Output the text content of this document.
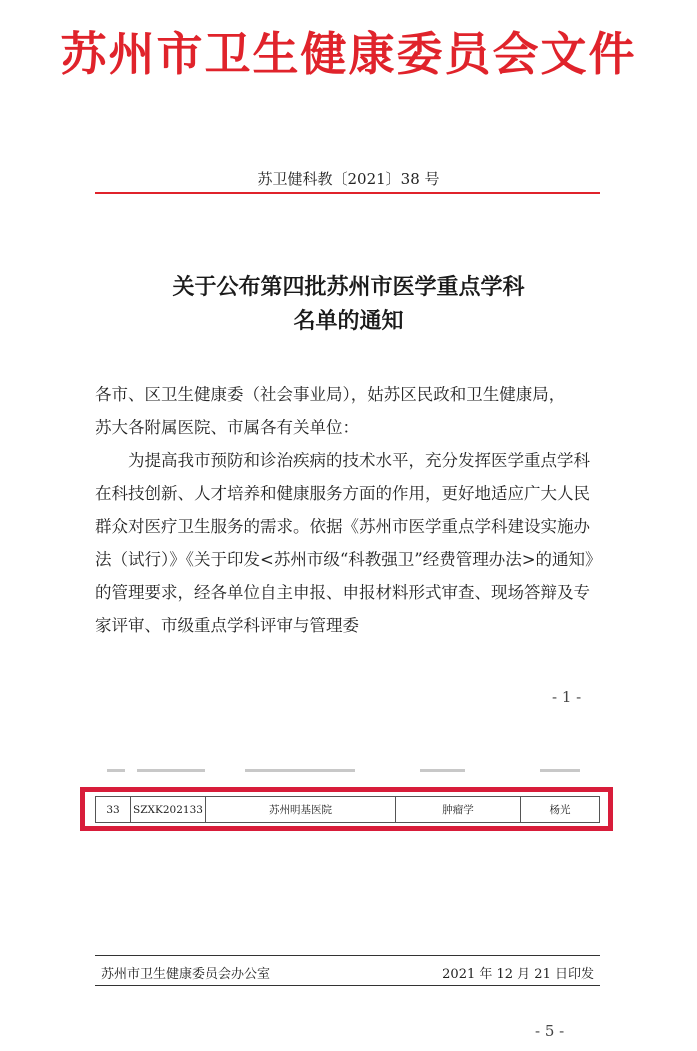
苏州市卫生健康委员会文件
苏卫健科教〔2021〕38 号
关于公布第四批苏州市医学重点学科
名单的通知

各市、区卫生健康委（社会事业局），姑苏区民政和卫生健康局，

苏大各附属医院、市属各有关单位：

为提高我市预防和诊治疾病的技术水平，充分发挥医学重点学科在科技创新、人才培养和健康服务方面的作用，更好地适应广大人民群众对医疗卫生服务的需求。依据《苏州市医学重点学科建设实施办法（试行）》《关于印发<苏州市级“科教强卫”经费管理办法>的通知》的管理要求，经各单位自主申报、申报材料形式审查、现场答辩及专家评审、市级重点学科评审与管理委

- 1 -
33	SZXK202133	苏州明基医院	肿瘤学	杨光
苏州市卫生健康委员会办公室	2021 年 12 月 21 日印发
- 5 -
